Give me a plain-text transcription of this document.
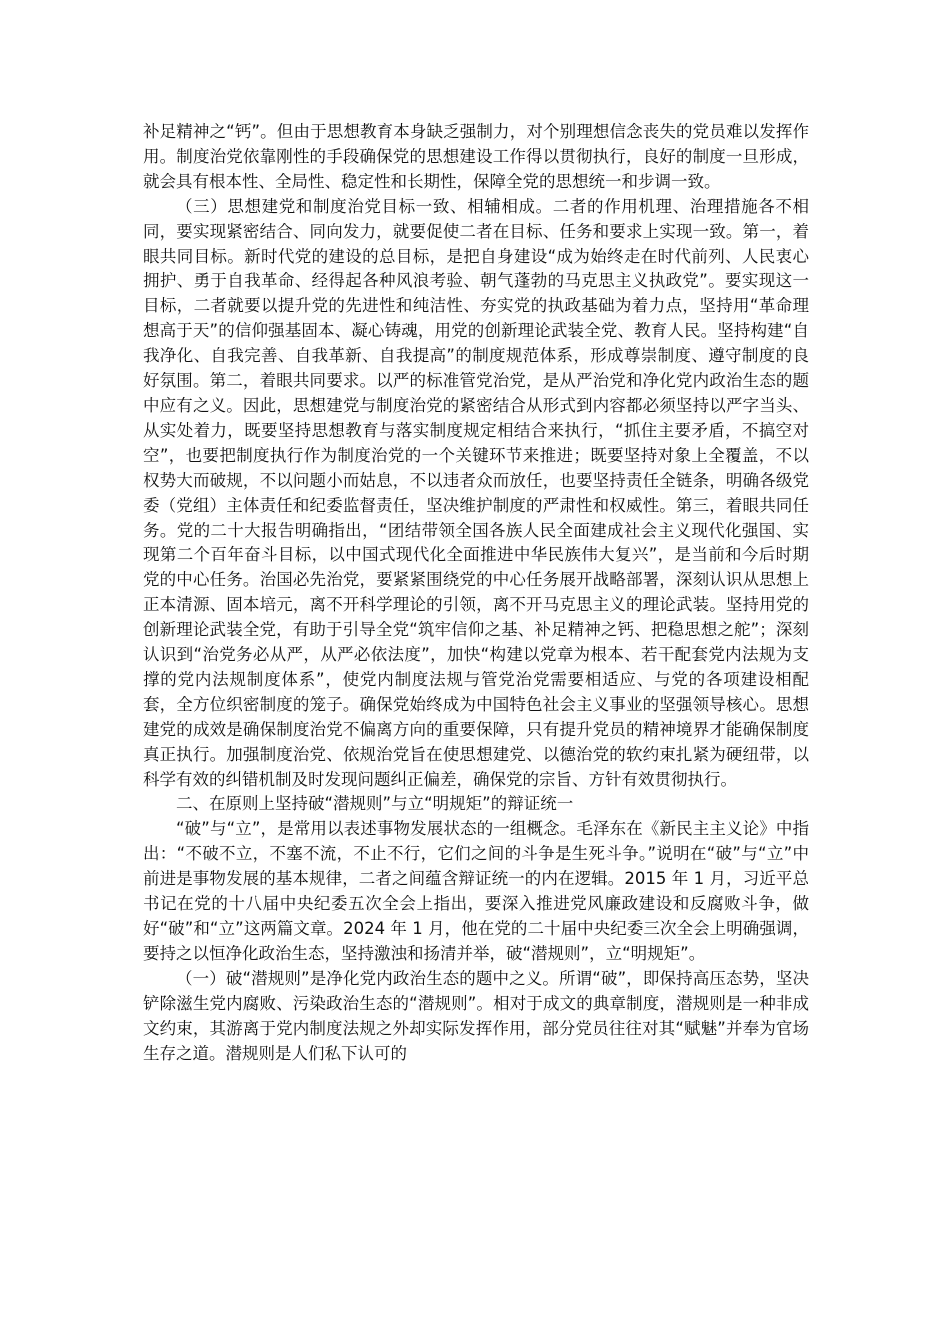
补足精神之“钙”。但由于思想教育本身缺乏强制力，对个别理想信念丧失的党员难以发挥作用。制度治党依靠刚性的手段确保党的思想建设工作得以贯彻执行，良好的制度一旦形成，就会具有根本性、全局性、稳定性和长期性，保障全党的思想统一和步调一致。

（三）思想建党和制度治党目标一致、相辅相成。二者的作用机理、治理措施各不相同，要实现紧密结合、同向发力，就要促使二者在目标、任务和要求上实现一致。第一，着眼共同目标。新时代党的建设的总目标，是把自身建设“成为始终走在时代前列、人民衷心拥护、勇于自我革命、经得起各种风浪考验、朝气蓬勃的马克思主义执政党”。要实现这一目标，二者就要以提升党的先进性和纯洁性、夯实党的执政基础为着力点，坚持用“革命理想高于天”的信仰强基固本、凝心铸魂，用党的创新理论武装全党、教育人民。坚持构建“自我净化、自我完善、自我革新、自我提高”的制度规范体系，形成尊崇制度、遵守制度的良好氛围。第二，着眼共同要求。以严的标准管党治党，是从严治党和净化党内政治生态的题中应有之义。因此，思想建党与制度治党的紧密结合从形式到内容都必须坚持以严字当头、从实处着力，既要坚持思想教育与落实制度规定相结合来执行，“抓住主要矛盾，不搞空对空”，也要把制度执行作为制度治党的一个关键环节来推进；既要坚持对象上全覆盖，不以权势大而破规，不以问题小而姑息，不以违者众而放任，也要坚持责任全链条，明确各级党委（党组）主体责任和纪委监督责任，坚决维护制度的严肃性和权威性。第三，着眼共同任务。党的二十大报告明确指出，“团结带领全国各族人民全面建成社会主义现代化强国、实现第二个百年奋斗目标，以中国式现代化全面推进中华民族伟大复兴”，是当前和今后时期党的中心任务。治国必先治党，要紧紧围绕党的中心任务展开战略部署，深刻认识从思想上正本清源、固本培元，离不开科学理论的引领，离不开马克思主义的理论武装。坚持用党的创新理论武装全党，有助于引导全党“筑牢信仰之基、补足精神之钙、把稳思想之舵”；深刻认识到“治党务必从严，从严必依法度”，加快“构建以党章为根本、若干配套党内法规为支撑的党内法规制度体系”，使党内制度法规与管党治党需要相适应、与党的各项建设相配套，全方位织密制度的笼子。确保党始终成为中国特色社会主义事业的坚强领导核心。思想建党的成效是确保制度治党不偏离方向的重要保障，只有提升党员的精神境界才能确保制度真正执行。加强制度治党、依规治党旨在使思想建党、以德治党的软约束扎紧为硬纽带，以科学有效的纠错机制及时发现问题纠正偏差，确保党的宗旨、方针有效贯彻执行。

二、在原则上坚持破“潜规则”与立“明规矩”的辩证统一

“破”与“立”，是常用以表述事物发展状态的一组概念。毛泽东在《新民主主义论》中指出：“不破不立，不塞不流，不止不行，它们之间的斗争是生死斗争。”说明在“破”与“立”中前进是事物发展的基本规律，二者之间蕴含辩证统一的内在逻辑。2015 年 1 月，习近平总书记在党的十八届中央纪委五次全会上指出，要深入推进党风廉政建设和反腐败斗争，做好“破”和“立”这两篇文章。2024 年 1 月，他在党的二十届中央纪委三次全会上明确强调，要持之以恒净化政治生态，坚持激浊和扬清并举，破“潜规则”，立“明规矩”。

（一）破“潜规则”是净化党内政治生态的题中之义。所谓“破”，即保持高压态势，坚决铲除滋生党内腐败、污染政治生态的“潜规则”。相对于成文的典章制度，潜规则是一种非成文约束，其游离于党内制度法规之外却实际发挥作用，部分党员往往对其“赋魅”并奉为官场生存之道。潜规则是人们私下认可的
